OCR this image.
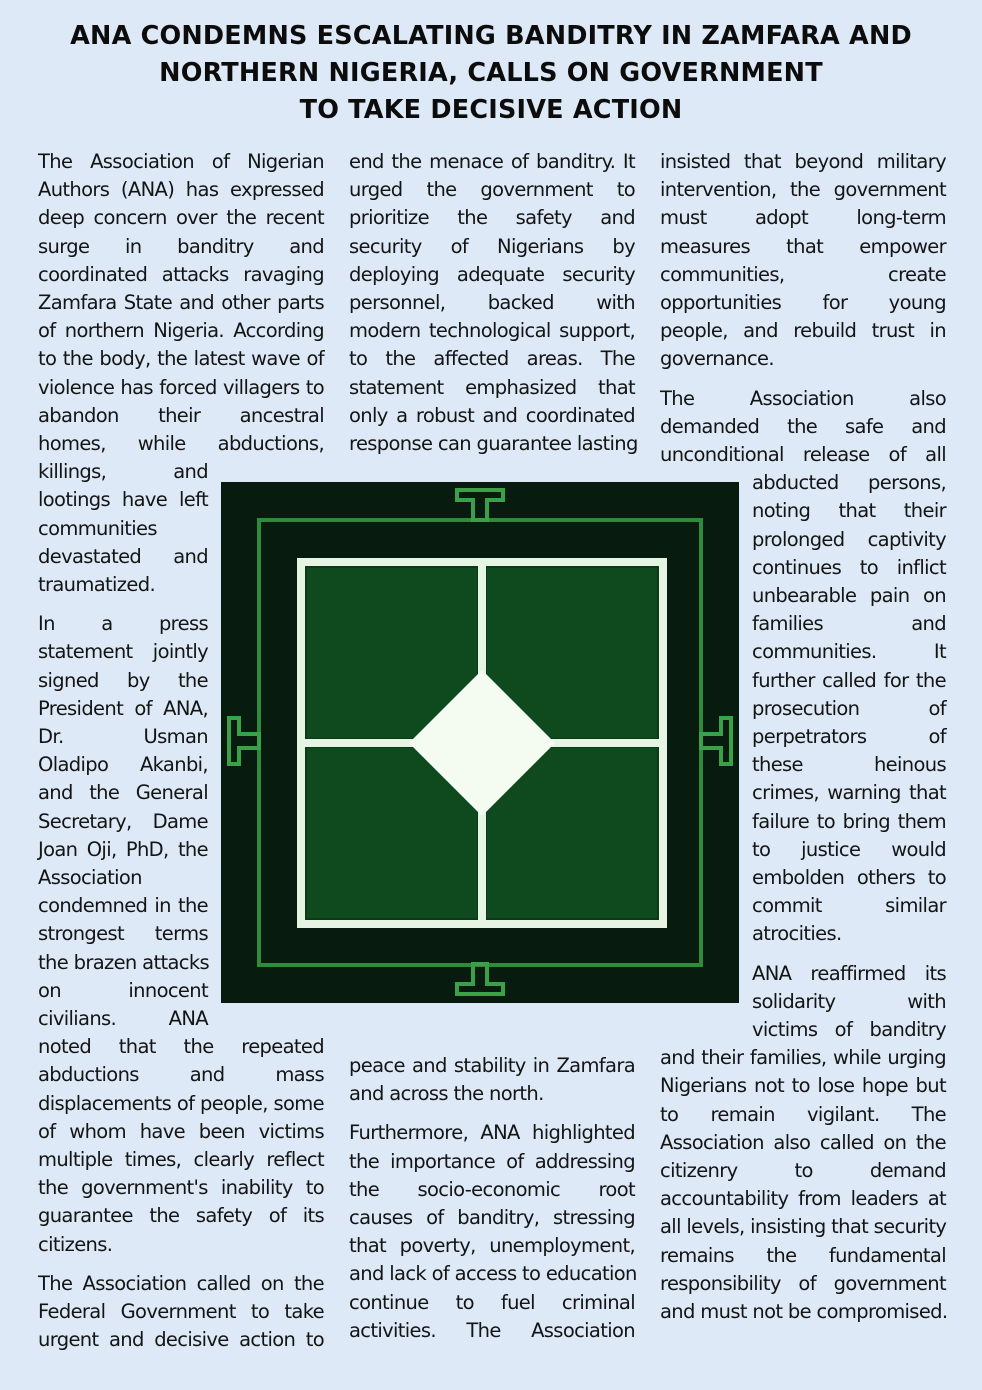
ANA CONDEMNS ESCALATING BANDITRY IN ZAMFARA AND
NORTHERN NIGERIA, CALLS ON GOVERNMENT
TO TAKE DECISIVE ACTION
The Association of Nigerian
Authors (ANA) has expressed
deep concern over the recent
surge in banditry and
coordinated attacks ravaging
Zamfara State and other parts
of northern Nigeria. According
to the body, the latest wave of
violence has forced villagers to
abandon their ancestral
homes, while abductions,
killings, and
lootings have left
communities
devastated and
traumatized.
In a press
statement jointly
signed by the
President of ANA,
Dr. Usman
Oladipo Akanbi,
and the General
Secretary, Dame
Joan Oji, PhD, the
Association
condemned in the
strongest terms
the brazen attacks
on innocent
civilians. ANA
noted that the repeated
abductions and mass
displacements of people, some
of whom have been victims
multiple times, clearly reflect
the government's inability to
guarantee the safety of its
citizens.
The Association called on the
Federal Government to take
urgent and decisive action to
end the menace of banditry. It
urged the government to
prioritize the safety and
security of Nigerians by
deploying adequate security
personnel, backed with
modern technological support,
to the affected areas. The
statement emphasized that
only a robust and coordinated
response can guarantee lasting
peace and stability in Zamfara
and across the north.
Furthermore, ANA highlighted
the importance of addressing
the socio-economic root
causes of banditry, stressing
that poverty, unemployment,
and lack of access to education
continue to fuel criminal
activities. The Association
insisted that beyond military
intervention, the government
must adopt long-term
measures that empower
communities, create
opportunities for young
people, and rebuild trust in
governance.
The Association also
demanded the safe and
unconditional release of all
abducted persons,
noting that their
prolonged captivity
continues to inflict
unbearable pain on
families and
communities. It
further called for the
prosecution of
perpetrators of
these heinous
crimes, warning that
failure to bring them
to justice would
embolden others to
commit similar
atrocities.
ANA reaffirmed its
solidarity with
victims of banditry
and their families, while urging
Nigerians not to lose hope but
to remain vigilant. The
Association also called on the
citizenry to demand
accountability from leaders at
all levels, insisting that security
remains the fundamental
responsibility of government
and must not be compromised.
